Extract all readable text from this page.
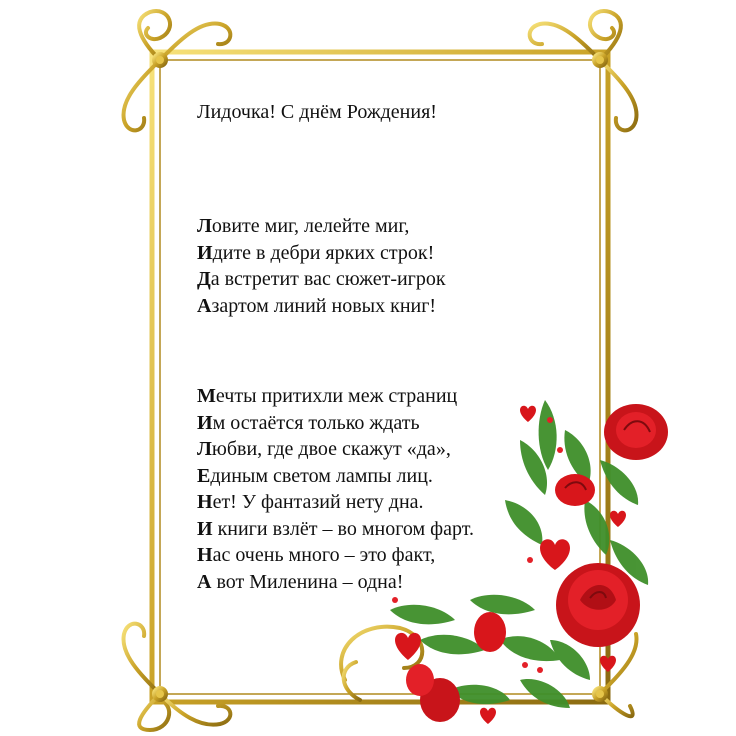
Лидочка! С днём Рождения!
Ловите миг, лелейте миг,
Идите в дебри ярких строк!
Да встретит вас сюжет-игрок
Азартом линий новых книг!
Мечты притихли меж страниц
Им остаётся только ждать
Любви, где двое скажут «да»,
Единым светом лампы лиц.
Нет! У фантазий нету дна.
И книги взлёт – во многом фарт.
Нас очень много – это факт,
А вот Миленина – одна!
